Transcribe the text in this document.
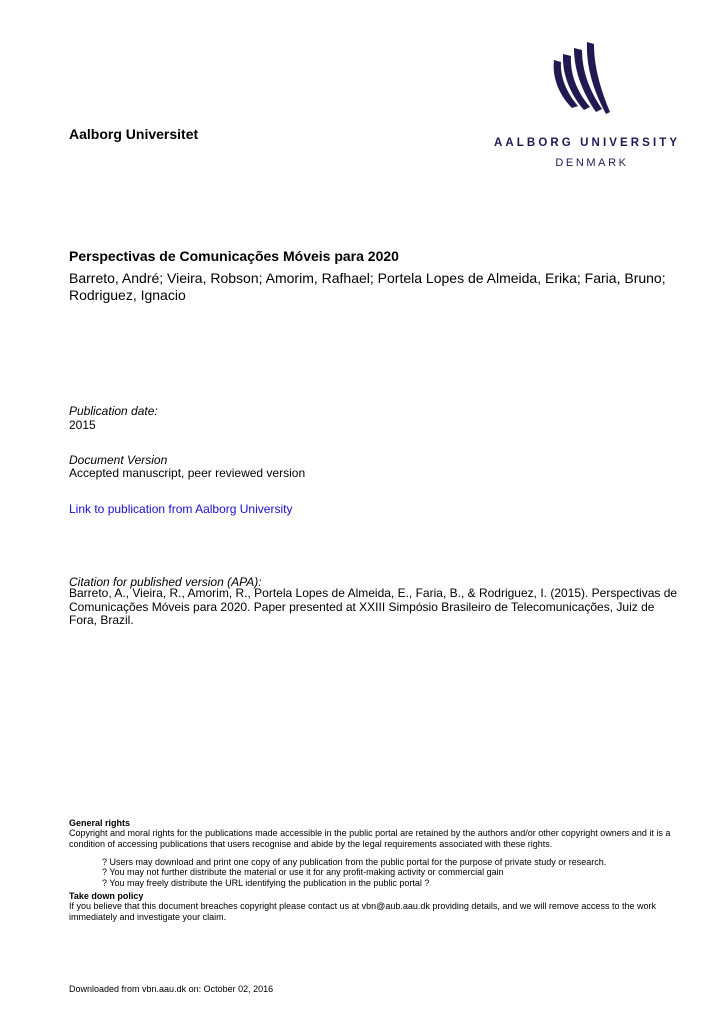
Aalborg Universitet
AALBORG UNIVERSITY
DENMARK
Perspectivas de Comunicações Móveis para 2020
Barreto, André; Vieira, Robson; Amorim, Rafhael; Portela Lopes de Almeida, Erika; Faria, Bruno; Rodriguez, Ignacio
Publication date:
2015
Document Version
Accepted manuscript, peer reviewed version
Link to publication from Aalborg University
Citation for published version (APA):
Barreto, A., Vieira, R., Amorim, R., Portela Lopes de Almeida, E., Faria, B., & Rodriguez, I. (2015). Perspectivas de Comunicações Móveis para 2020. Paper presented at XXIII Simpósio Brasileiro de Telecomunicações, Juiz de Fora, Brazil.
General rights
Copyright and moral rights for the publications made accessible in the public portal are retained by the authors and/or other copyright owners and it is a condition of accessing publications that users recognise and abide by the legal requirements associated with these rights.
? Users may download and print one copy of any publication from the public portal for the purpose of private study or research.
? You may not further distribute the material or use it for any profit-making activity or commercial gain
? You may freely distribute the URL identifying the publication in the public portal ?
Take down policy
If you believe that this document breaches copyright please contact us at vbn@aub.aau.dk providing details, and we will remove access to the work immediately and investigate your claim.
Downloaded from vbn.aau.dk on: October 02, 2016
